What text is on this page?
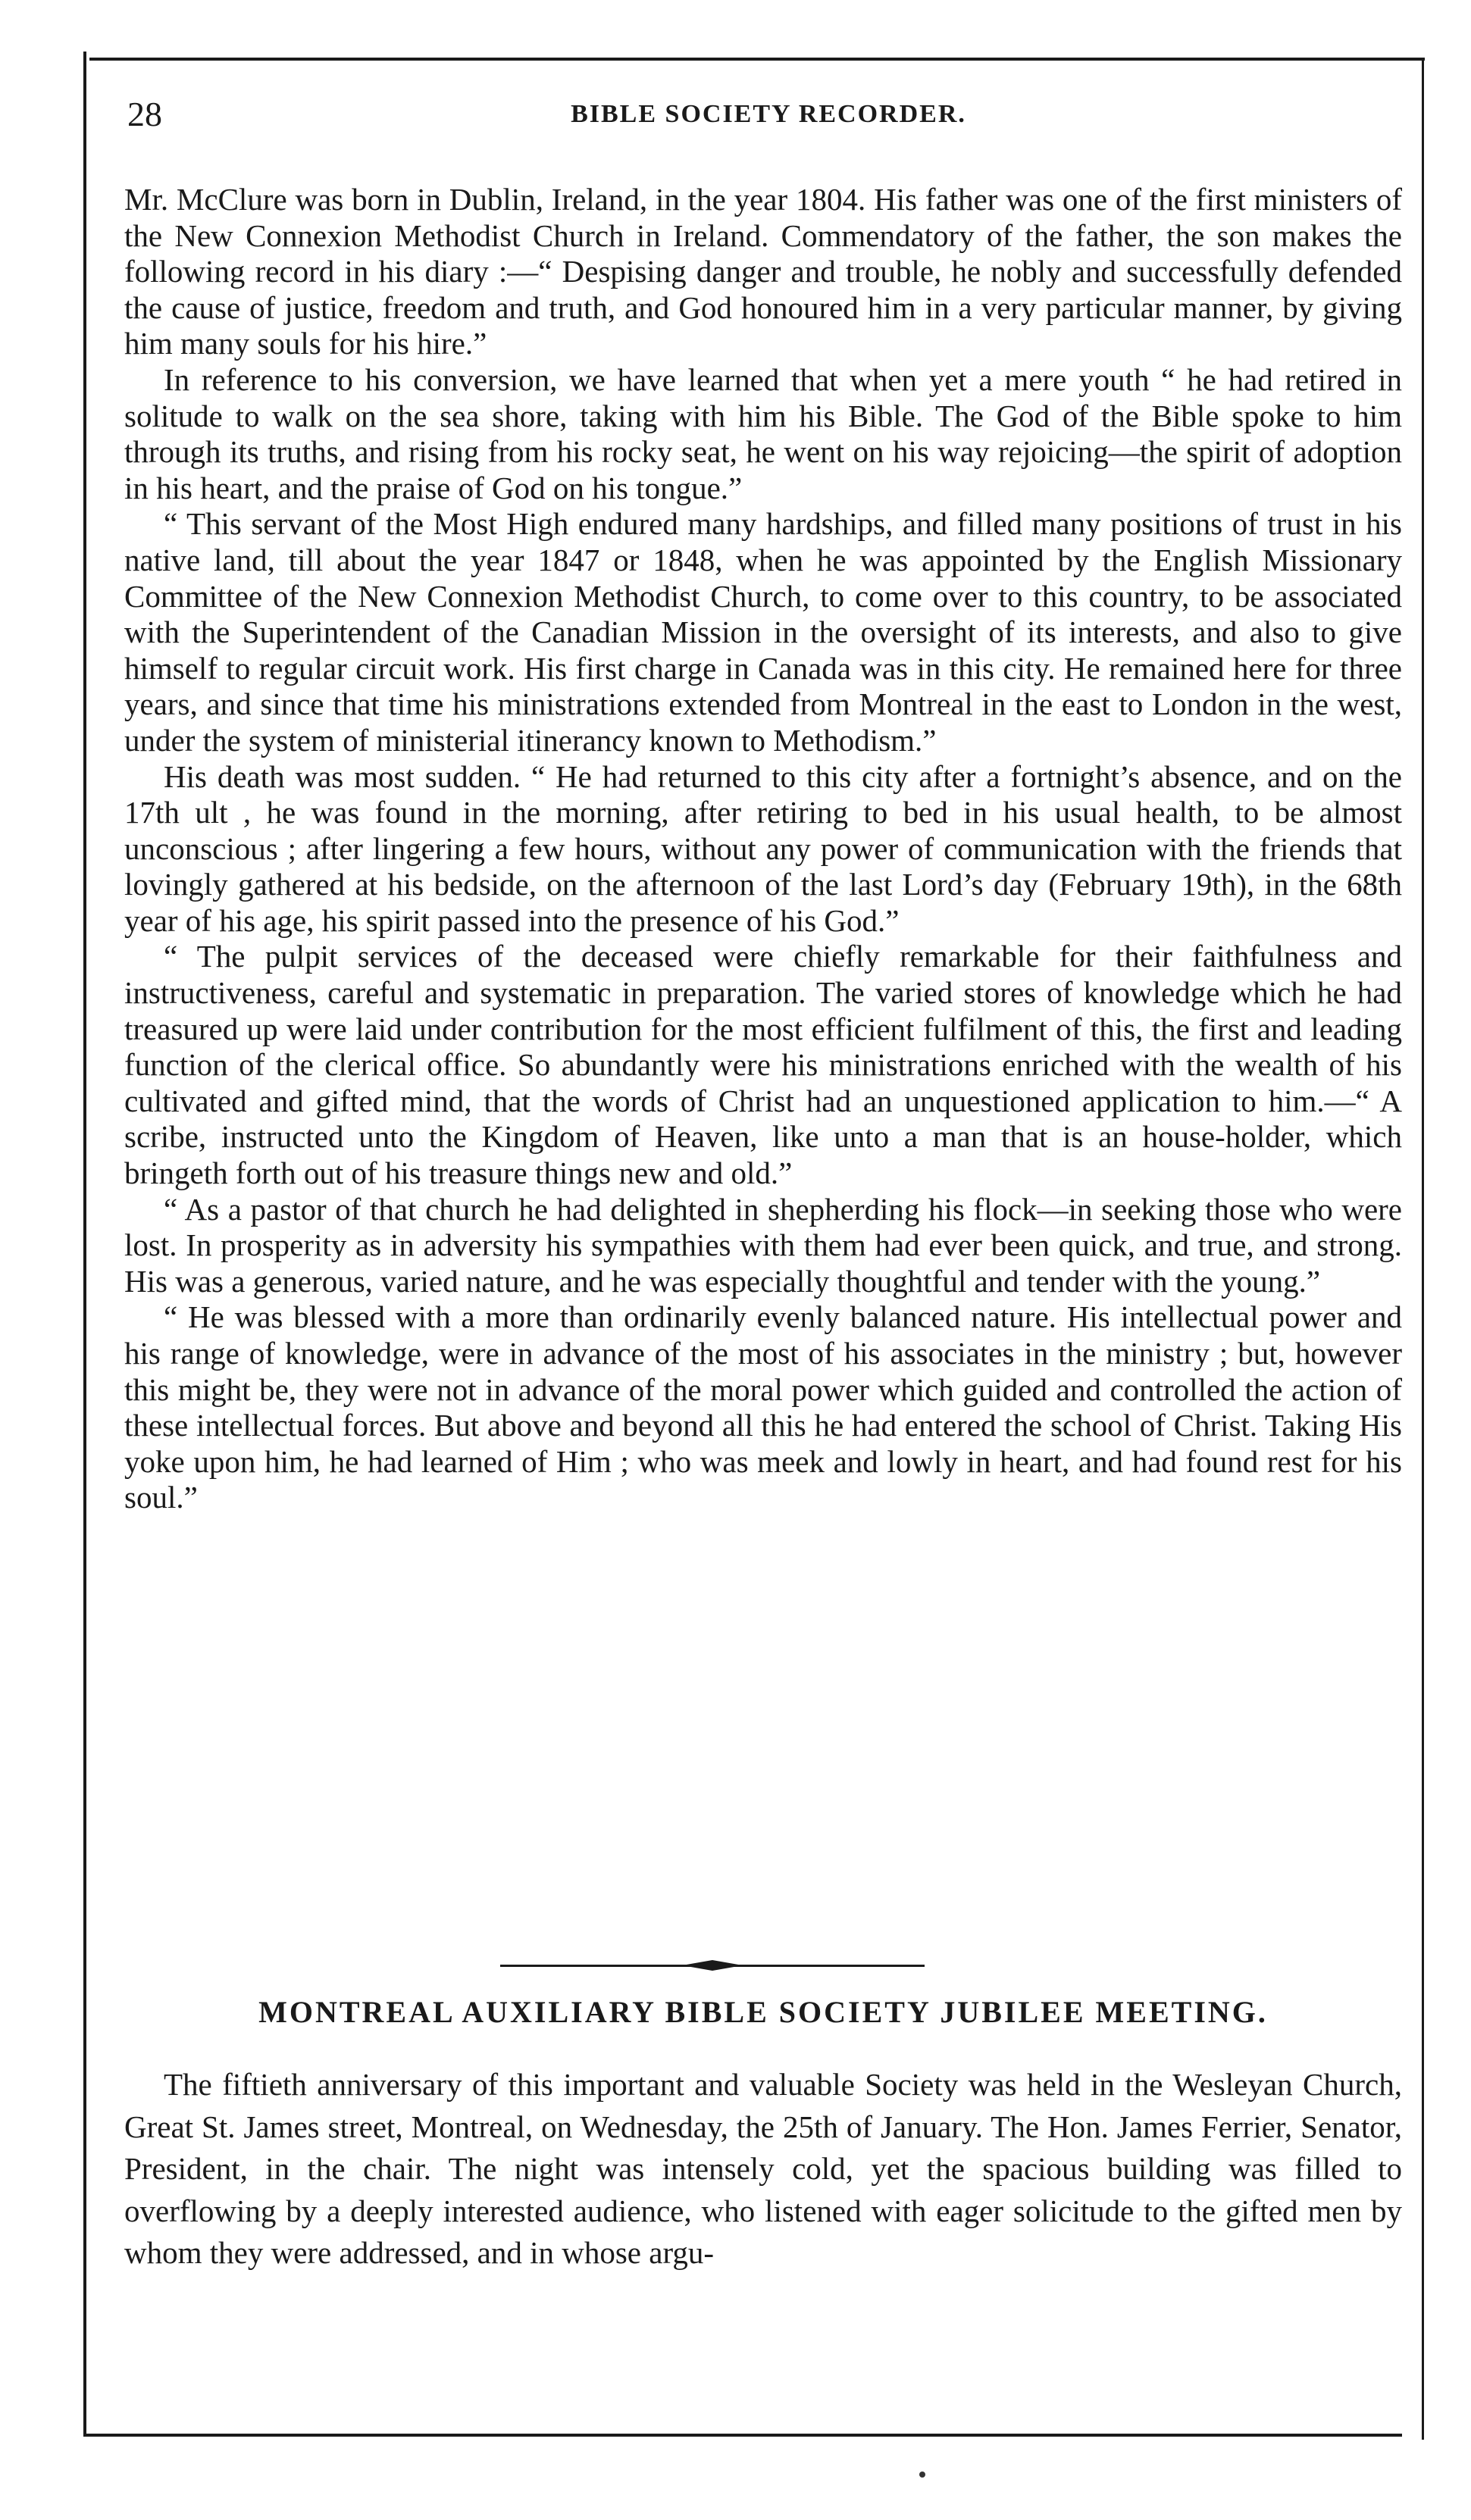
28	BIBLE SOCIETY RECORDER.

Mr. McClure was born in Dublin, Ireland, in the year 1804. His father was one of the first ministers of the New Connexion Methodist Church in Ireland. Commendatory of the father, the son makes the following record in his diary :—“ Despising danger and trouble, he nobly and successfully defended the cause of justice, freedom and truth, and God honoured him in a very particular manner, by giving him many souls for his hire.”

In reference to his conversion, we have learned that when yet a mere youth “ he had retired in solitude to walk on the sea shore, taking with him his Bible. The God of the Bible spoke to him through its truths, and rising from his rocky seat, he went on his way rejoicing—the spirit of adoption in his heart, and the praise of God on his tongue.”

“ This servant of the Most High endured many hardships, and filled many positions of trust in his native land, till about the year 1847 or 1848, when he was appointed by the English Missionary Committee of the New Connexion Methodist Church, to come over to this country, to be associated with the Superintendent of the Canadian Mission in the oversight of its interests, and also to give himself to regular circuit work. His first charge in Canada was in this city. He remained here for three years, and since that time his ministrations extended from Montreal in the east to London in the west, under the system of ministerial itinerancy known to Methodism.”

His death was most sudden. “ He had returned to this city after a fortnight’s absence, and on the 17th ult , he was found in the morning, after retiring to bed in his usual health, to be almost unconscious ; after lingering a few hours, without any power of communication with the friends that lovingly gathered at his bedside, on the afternoon of the last Lord’s day (February 19th), in the 68th year of his age, his spirit passed into the presence of his God.”

“ The pulpit services of the deceased were chiefly remarkable for their faithfulness and instructiveness, careful and systematic in preparation. The varied stores of knowledge which he had treasured up were laid under contribution for the most efficient fulfilment of this, the first and leading function of the clerical office. So abundantly were his ministrations enriched with the wealth of his cultivated and gifted mind, that the words of Christ had an unquestioned application to him.—“ A scribe, instructed unto the Kingdom of Heaven, like unto a man that is an house-holder, which bringeth forth out of his treasure things new and old.”

“ As a pastor of that church he had delighted in shepherding his flock—in seeking those who were lost. In prosperity as in adversity his sympathies with them had ever been quick, and true, and strong. His was a generous, varied nature, and he was especially thoughtful and tender with the young.”

“ He was blessed with a more than ordinarily evenly balanced nature. His intellectual power and his range of knowledge, were in advance of the most of his associates in the ministry ; but, however this might be, they were not in advance of the moral power which guided and controlled the action of these intellectual forces. But above and beyond all this he had entered the school of Christ. Taking His yoke upon him, he had learned of Him ; who was meek and lowly in heart, and had found rest for his soul.”

MONTREAL AUXILIARY BIBLE SOCIETY JUBILEE MEETING.

The fiftieth anniversary of this important and valuable Society was held in the Wesleyan Church, Great St. James street, Montreal, on Wednesday, the 25th of January. The Hon. James Ferrier, Senator, President, in the chair. The night was intensely cold, yet the spacious building was filled to overflowing by a deeply interested audience, who listened with eager solicitude to the gifted men by whom they were addressed, and in whose argu-
